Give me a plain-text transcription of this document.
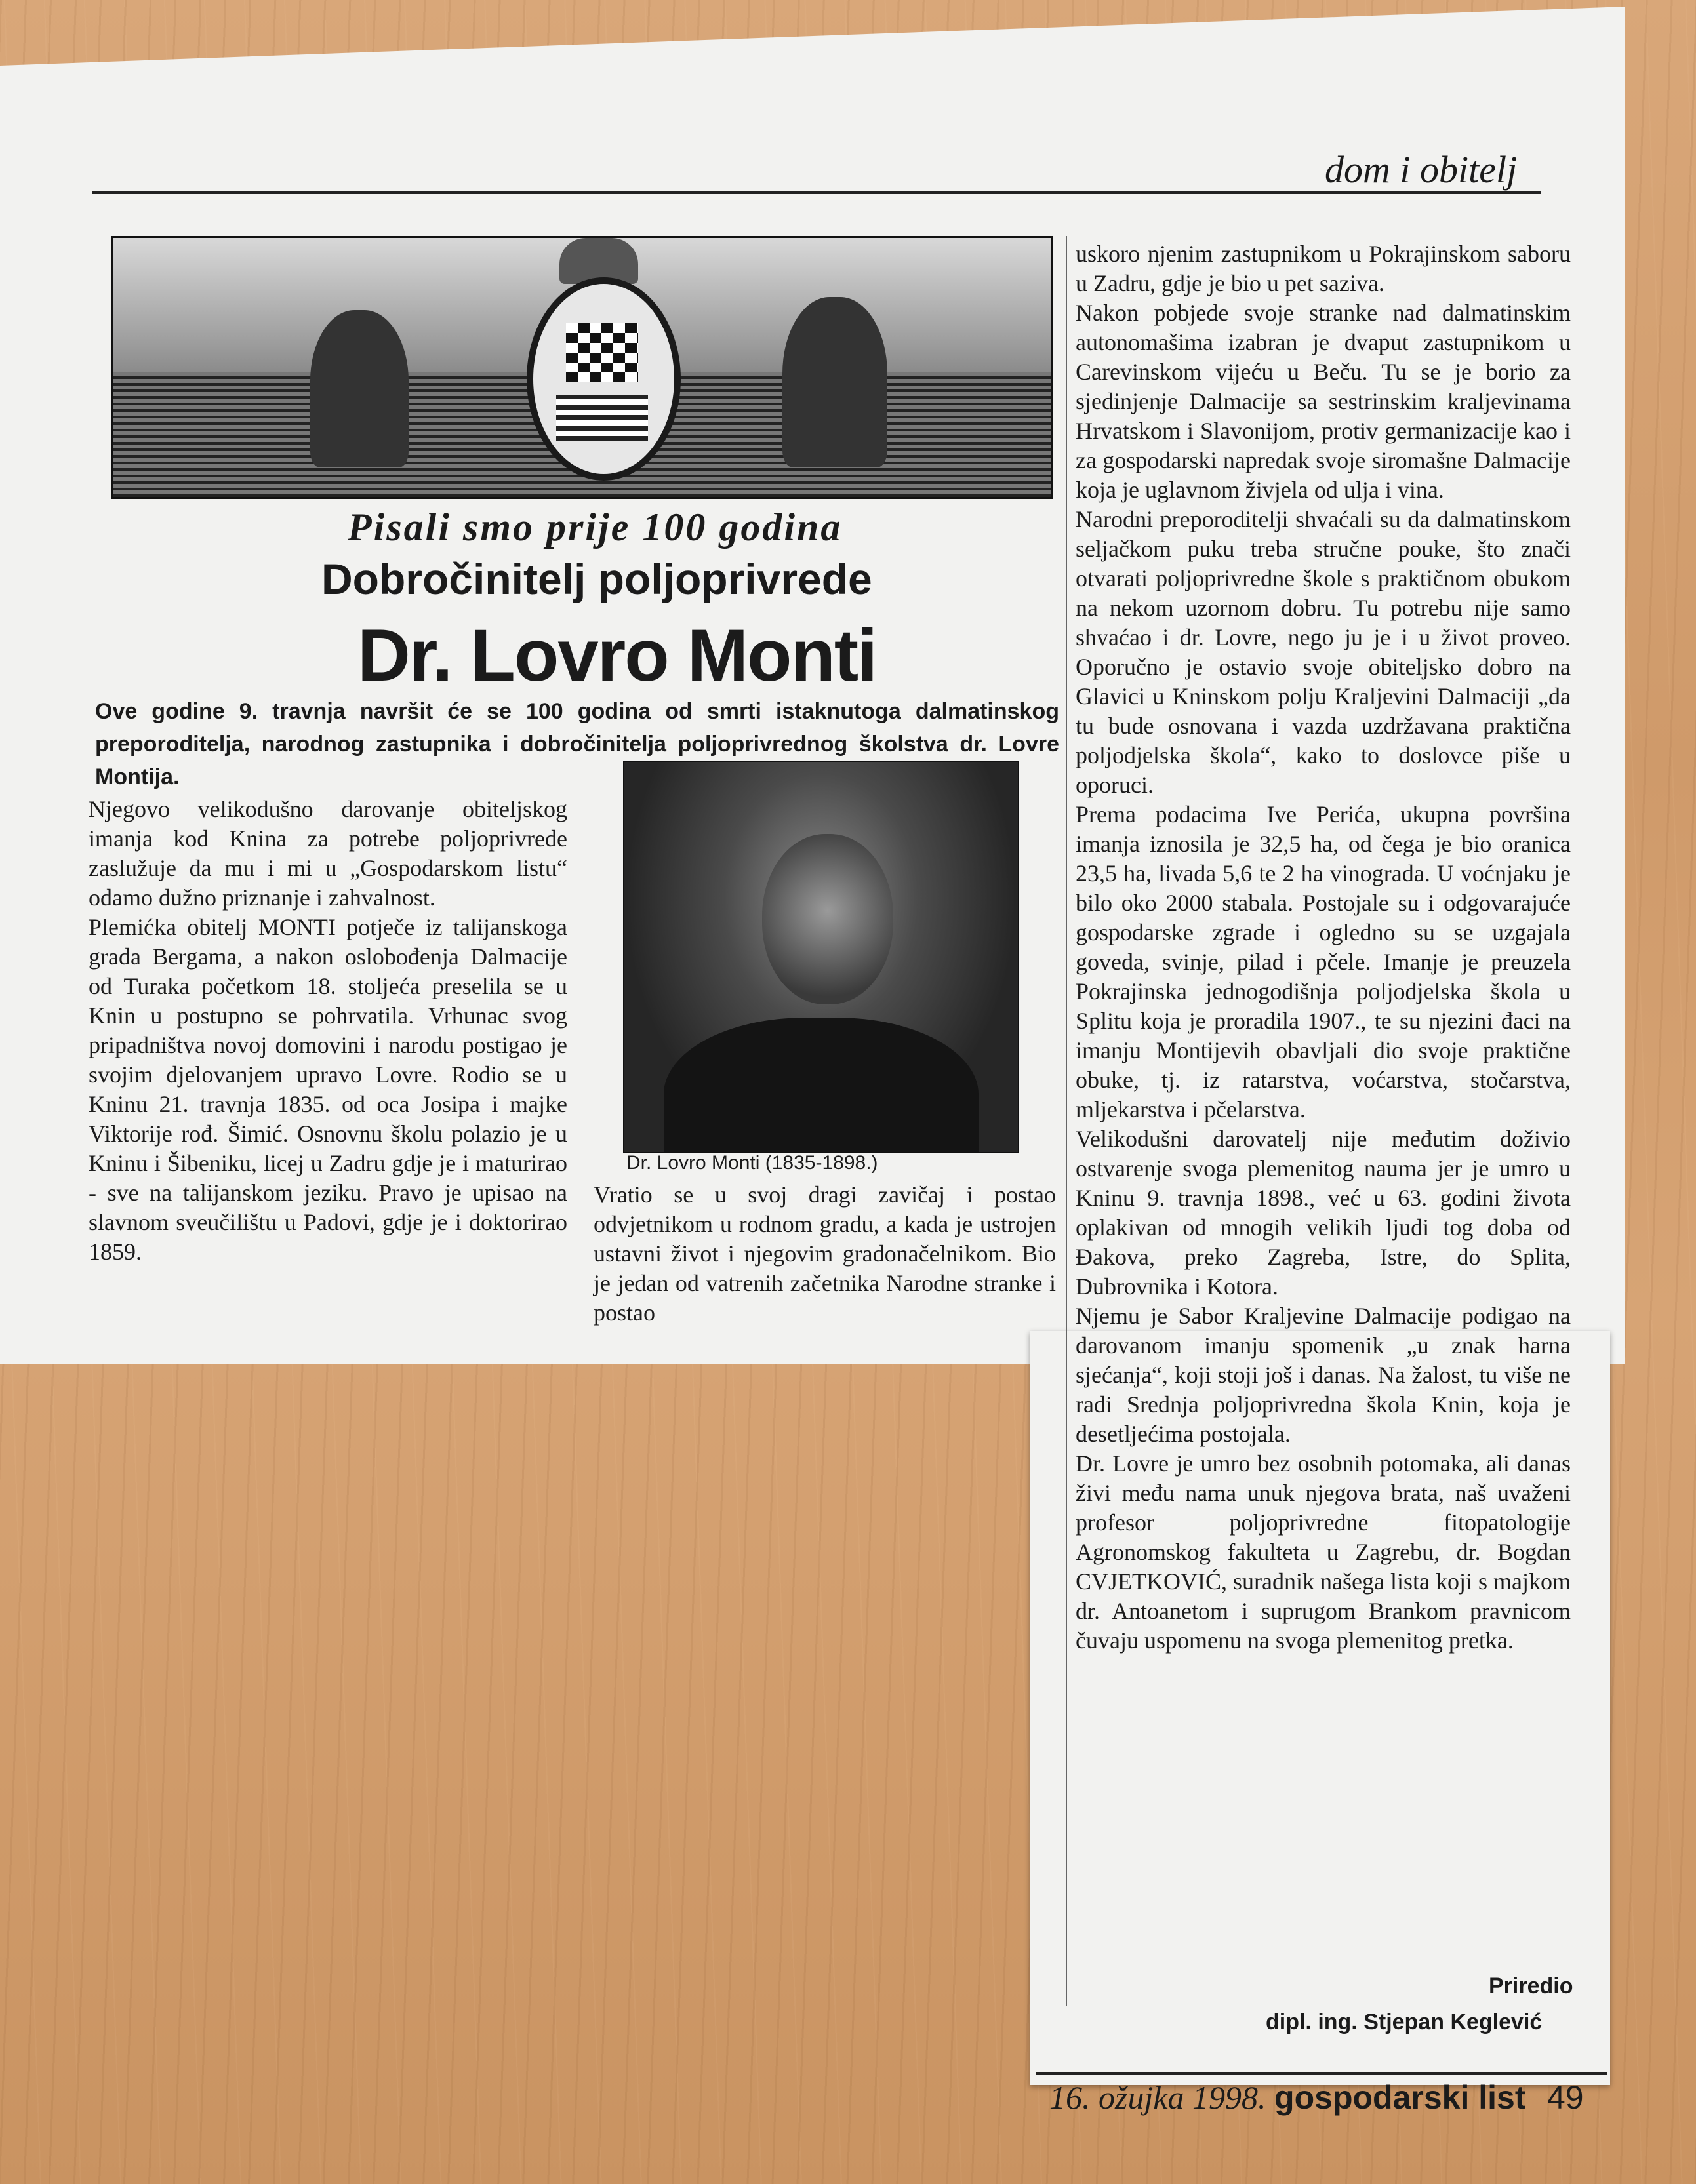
dom i obitelj
Pisali smo prije 100 godina
Dobročinitelj poljoprivrede
Dr. Lovro Monti
Ove godine 9. travnja navršit će se 100 godina od smrti istaknutoga dalmatinskog preporoditelja, narodnog zastupnika i dobročinitelja poljoprivrednog školstva dr. Lovre Montija.
Njegovo velikodušno darovanje obiteljskog imanja kod Knina za potrebe poljoprivrede zaslužuje da mu i mi u „Gospodarskom listu“ odamo dužno priznanje i zahvalnost.
Plemićka obitelj MONTI potječe iz talijanskoga grada Bergama, a nakon oslobođenja Dalmacije od Turaka početkom 18. stoljeća preselila se u Knin u postupno se pohrvatila. Vrhunac svog pripadništva novoj domovini i narodu postigao je svojim djelovanjem upravo Lovre. Rodio se u Kninu 21. travnja 1835. od oca Josipa i majke Viktorije rođ. Šimić. Osnovnu školu polazio je u Kninu i Šibeniku, licej u Zadru gdje je i maturirao - sve na talijanskom jeziku. Pravo je upisao na slavnom sveučilištu u Padovi, gdje je i doktorirao 1859.
Dr. Lovro Monti (1835-1898.)
Vratio se u svoj dragi zavičaj i postao odvjetnikom u rodnom gradu, a kada je ustrojen ustavni život i njegovim gradonačelnikom. Bio je jedan od vatrenih začetnika Narodne stranke i postao
uskoro njenim zastupnikom u Pokrajinskom saboru u Zadru, gdje je bio u pet saziva.
Nakon pobjede svoje stranke nad dalmatinskim autonomašima izabran je dvaput zastupnikom u Carevinskom vijeću u Beču. Tu se je borio za sjedinjenje Dalmacije sa sestrinskim kraljevinama Hrvatskom i Slavonijom, protiv germanizacije kao i za gospodarski napredak svoje siromašne Dalmacije koja je uglavnom živjela od ulja i vina.
Narodni preporoditelji shvaćali su da dalmatinskom seljačkom puku treba stručne pouke, što znači otvarati poljoprivredne škole s praktičnom obukom na nekom uzornom dobru. Tu potrebu nije samo shvaćao i dr. Lovre, nego ju je i u život proveo. Oporučno je ostavio svoje obiteljsko dobro na Glavici u Kninskom polju Kraljevini Dalmaciji „da tu bude osnovana i vazda uzdržavana praktična poljodjelska škola“, kako to doslovce piše u oporuci.
Prema podacima Ive Perića, ukupna površina imanja iznosila je 32,5 ha, od čega je bio oranica 23,5 ha, livada 5,6 te 2 ha vinograda. U voćnjaku je bilo oko 2000 stabala. Postojale su i odgovarajuće gospodarske zgrade i ogledno su se uzgajala goveda, svinje, pilad i pčele. Imanje je preuzela Pokrajinska jednogodišnja poljodjelska škola u Splitu koja je proradila 1907., te su njezini đaci na imanju Montijevih obavljali dio svoje praktične obuke, tj. iz ratarstva, voćarstva, stočarstva, mljekarstva i pčelarstva.
Velikodušni darovatelj nije međutim doživio ostvarenje svoga plemenitog nauma jer je umro u Kninu 9. travnja 1898., već u 63. godini života oplakivan od mnogih velikih ljudi tog doba od Đakova, preko Zagreba, Istre, do Splita, Dubrovnika i Kotora.
Njemu je Sabor Kraljevine Dalmacije podigao na darovanom imanju spomenik „u znak harna sjećanja“, koji stoji još i danas. Na žalost, tu više ne radi Srednja poljoprivredna škola Knin, koja je desetljećima postojala.
Dr. Lovre je umro bez osobnih potomaka, ali danas živi među nama unuk njegova brata, naš uvaženi profesor poljoprivredne fitopatologije Agronomskog fakulteta u Zagrebu, dr. Bogdan CVJETKOVIĆ, suradnik našega lista koji s majkom dr. Antoanetom i suprugom Brankom pravnicom čuvaju uspomenu na svoga plemenitog pretka.
Priredio
dipl. ing. Stjepan Keglević
16. ožujka 1998. gospodarski list 49
